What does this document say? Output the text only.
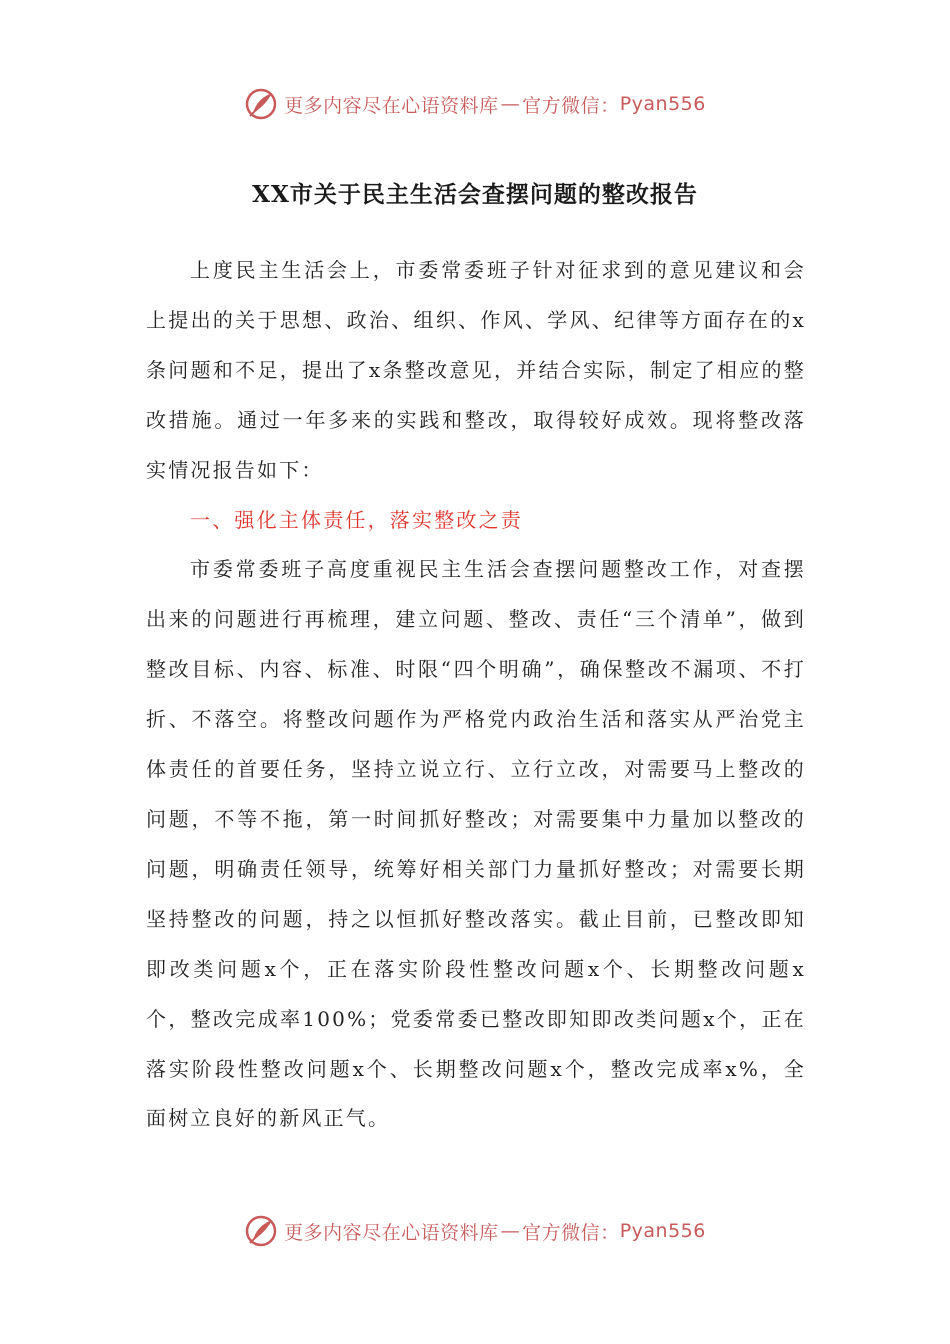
更多内容尽在心语资料库 — 官方微信： Pyan556
XX市关于民主生活会查摆问题的整改报告

上度民主生活会上，市委常委班子针对征求到的意见建议和会上提出的关于思想、政治、组织、作风、学风、纪律等方面存在的x条问题和不足，提出了x条整改意见，并结合实际，制定了相应的整改措施。通过一年多来的实践和整改，取得较好成效。现将整改落实情况报告如下：

一、强化主体责任，落实整改之责

市委常委班子高度重视民主生活会查摆问题整改工作，对查摆出来的问题进行再梳理，建立问题、整改、责任“三个清单”，做到整改目标、内容、标准、时限“四个明确”，确保整改不漏项、不打折、不落空。将整改问题作为严格党内政治生活和落实从严治党主体责任的首要任务，坚持立说立行、立行立改，对需要马上整改的问题，不等不拖，第一时间抓好整改；对需要集中力量加以整改的问题，明确责任领导，统筹好相关部门力量抓好整改；对需要长期坚持整改的问题，持之以恒抓好整改落实。截止目前，已整改即知即改类问题x个，正在落实阶段性整改问题x个、长期整改问题x个，整改完成率100%；党委常委已整改即知即改类问题x个，正在落实阶段性整改问题x个、长期整改问题x个，整改完成率x%，全面树立良好的新风正气。

更多内容尽在心语资料库 — 官方微信： Pyan556
